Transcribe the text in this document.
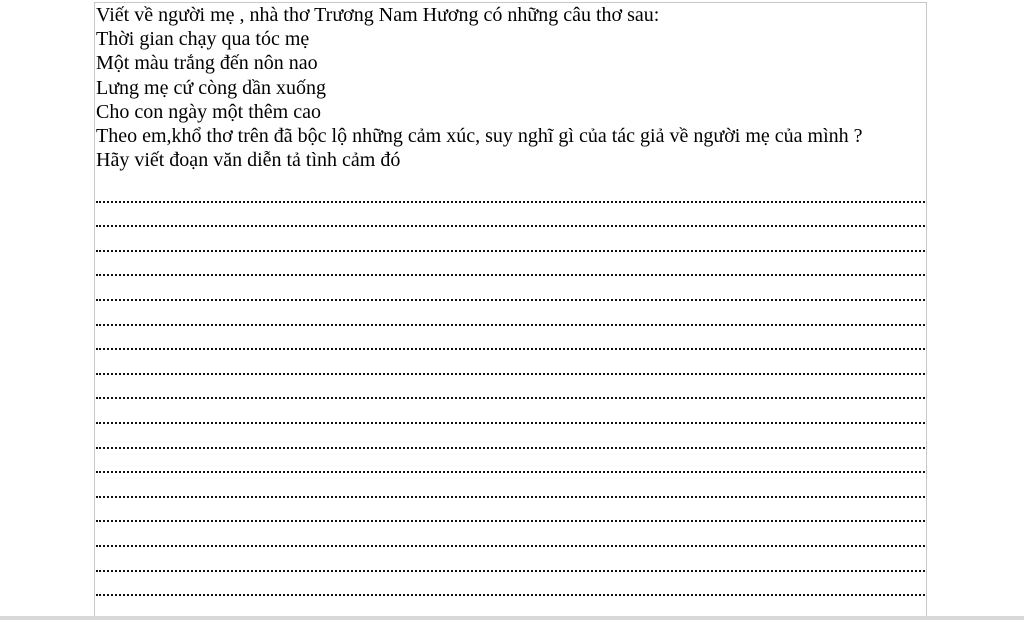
Viết về người mẹ , nhà thơ Trương Nam Hương có những câu thơ sau:
Thời gian chạy qua tóc mẹ
Một màu trắng đến nôn nao
Lưng mẹ cứ còng dần xuống
Cho con ngày một thêm cao
Theo em,khổ thơ trên đã bộc lộ những cảm xúc, suy nghĩ gì của tác giả về người mẹ của mình ?
Hãy viết đoạn văn diễn tả tình cảm đó
